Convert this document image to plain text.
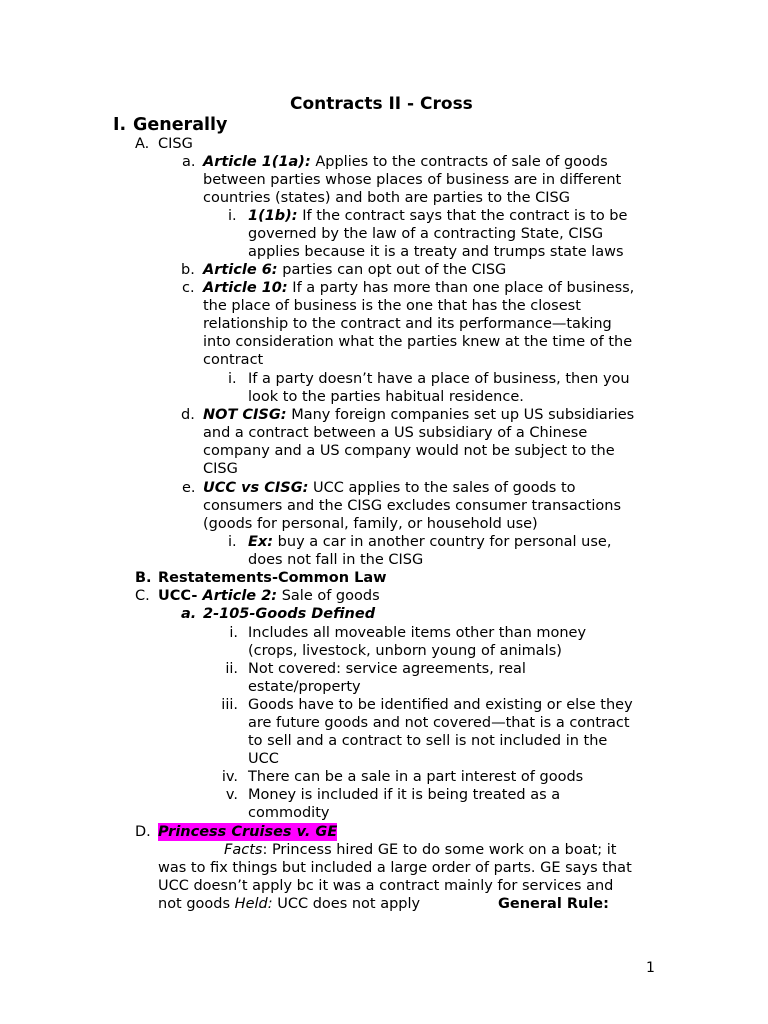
Contracts II - Cross
I. Generally
A. CISG
a. Article 1(1a): Applies to the contracts of sale of goods
between parties whose places of business are in different
countries (states) and both are parties to the CISG
i. 1(1b): If the contract says that the contract is to be
governed by the law of a contracting State, CISG
applies because it is a treaty and trumps state laws
b. Article 6: parties can opt out of the CISG
c. Article 10: If a party has more than one place of business,
the place of business is the one that has the closest
relationship to the contract and its performance—taking
into consideration what the parties knew at the time of the
contract
i. If a party doesn’t have a place of business, then you
look to the parties habitual residence.
d. NOT CISG: Many foreign companies set up US subsidiaries
and a contract between a US subsidiary of a Chinese
company and a US company would not be subject to the
CISG
e. UCC vs CISG: UCC applies to the sales of goods to
consumers and the CISG excludes consumer transactions
(goods for personal, family, or household use)
i. Ex: buy a car in another country for personal use,
does not fall in the CISG
B. Restatements-Common Law
C. UCC- Article 2: Sale of goods
a. 2-105-Goods Defined
i. Includes all moveable items other than money
(crops, livestock, unborn young of animals)
ii. Not covered: service agreements, real
estate/property
iii. Goods have to be identified and existing or else they
are future goods and not covered—that is a contract
to sell and a contract to sell is not included in the
UCC
iv. There can be a sale in a part interest of goods
v. Money is included if it is being treated as a
commodity
D. Princess Cruises v. GE
Facts: Princess hired GE to do some work on a boat; it
was to fix things but included a large order of parts. GE says that
UCC doesn’t apply bc it was a contract mainly for services and
not goods Held: UCC does not apply	General Rule:
1
